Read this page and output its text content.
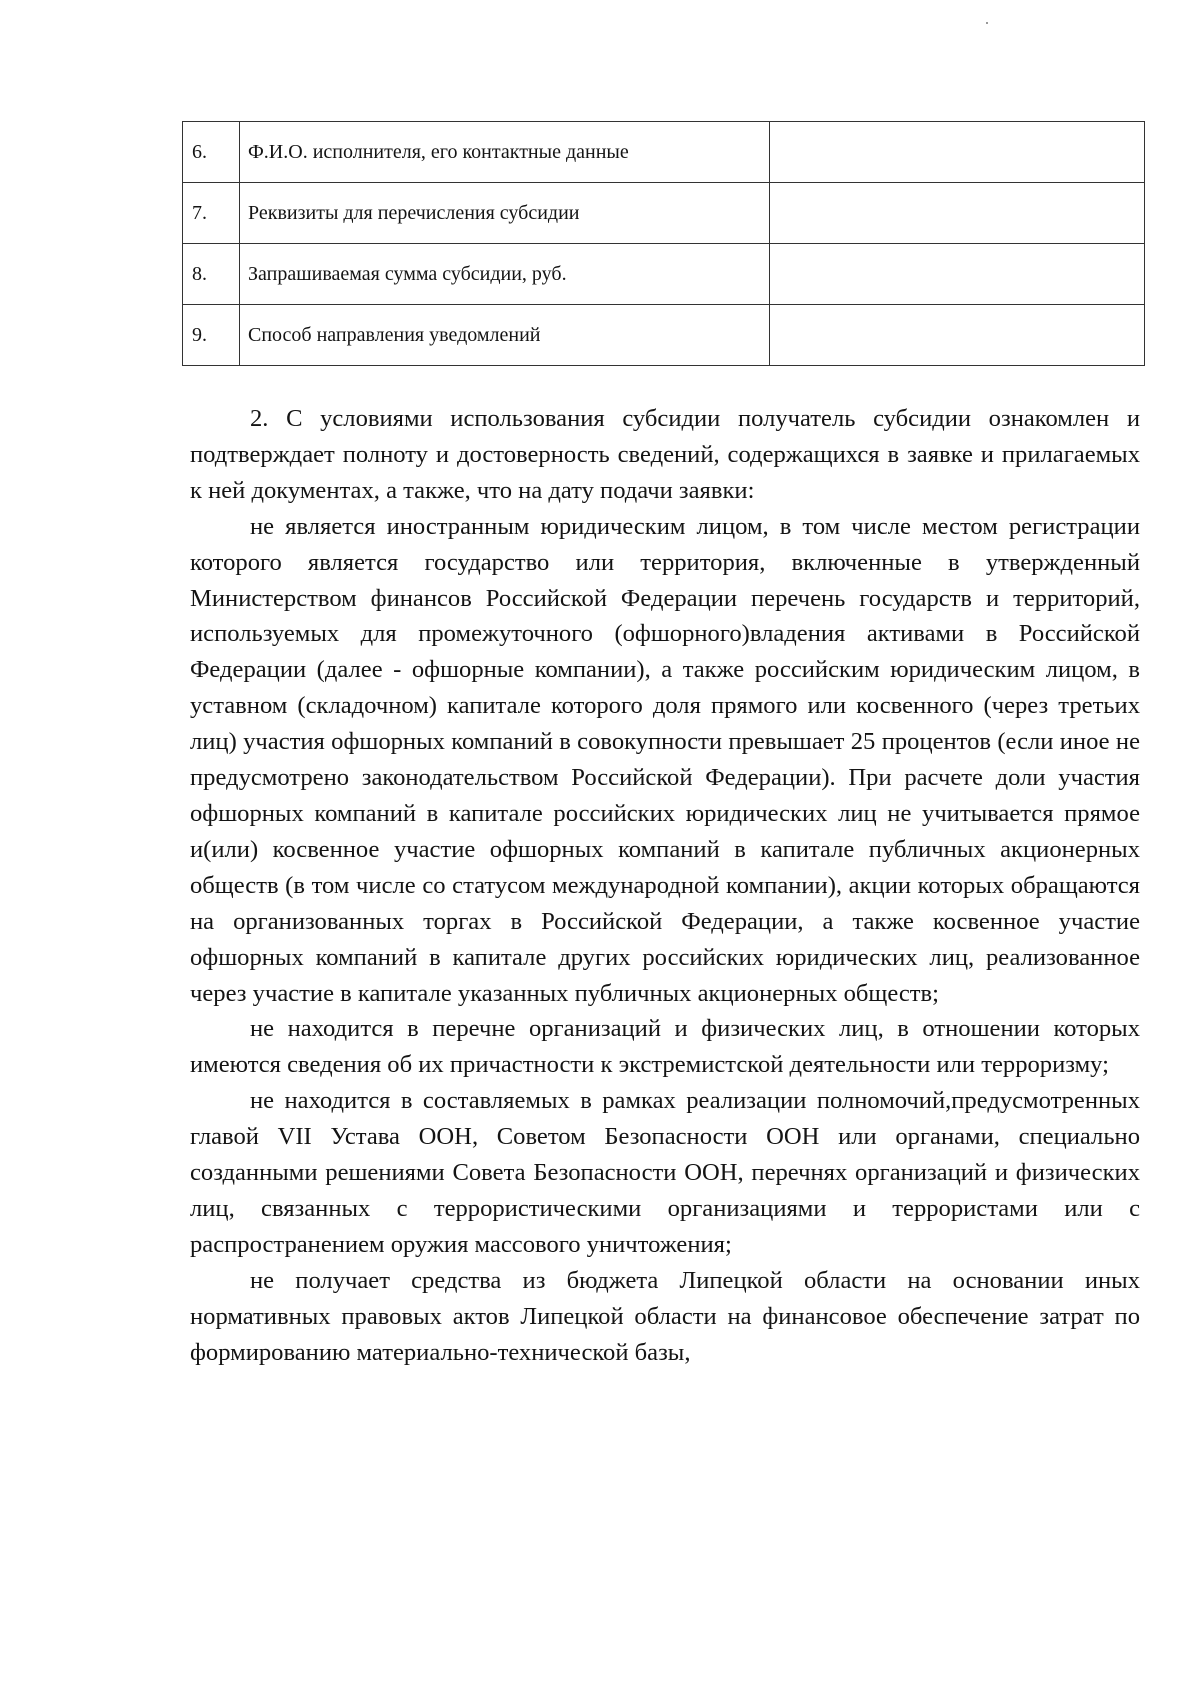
6.	Ф.И.О. исполнителя, его контактные данные	
7.	Реквизиты для перечисления субсидии	
8.	Запрашиваемая сумма субсидии, руб.	
9.	Способ направления уведомлений	

2. С условиями использования субсидии получатель субсидии ознакомлен и подтверждает полноту и достоверность сведений, содержащихся в заявке и прилагаемых к ней документах, а также, что на дату подачи заявки:

не является иностранным юридическим лицом, в том числе местом регистрации которого является государство или территория, включенные в утвержденный Министерством финансов Российской Федерации перечень государств и территорий, используемых для промежуточного (офшорного)владения активами в Российской Федерации (далее - офшорные компании), а также российским юридическим лицом, в уставном (складочном) капитале которого доля прямого или косвенного (через третьих лиц) участия офшорных компаний в совокупности превышает 25 процентов (если иное не предусмотрено законодательством Российской Федерации). При расчете доли участия офшорных компаний в капитале российских юридических лиц не учитывается прямое и(или) косвенное участие офшорных компаний в капитале публичных акционерных обществ (в том числе со статусом международной компании), акции которых обращаются на организованных торгах в Российской Федерации, а также косвенное участие офшорных компаний в капитале других российских юридических лиц, реализованное через участие в капитале указанных публичных акционерных обществ;

не находится в перечне организаций и физических лиц, в отношении которых имеются сведения об их причастности к экстремистской деятельности или терроризму;

не находится в составляемых в рамках реализации полномочий,предусмотренных главой VII Устава ООН, Советом Безопасности ООН или органами, специально созданными решениями Совета Безопасности ООН, перечнях организаций и физических лиц, связанных с террористическими организациями и террористами или с распространением оружия массового уничтожения;

не получает средства из бюджета Липецкой области на основании иных нормативных правовых актов Липецкой области на финансовое обеспечение затрат по формированию материально-технической базы,
